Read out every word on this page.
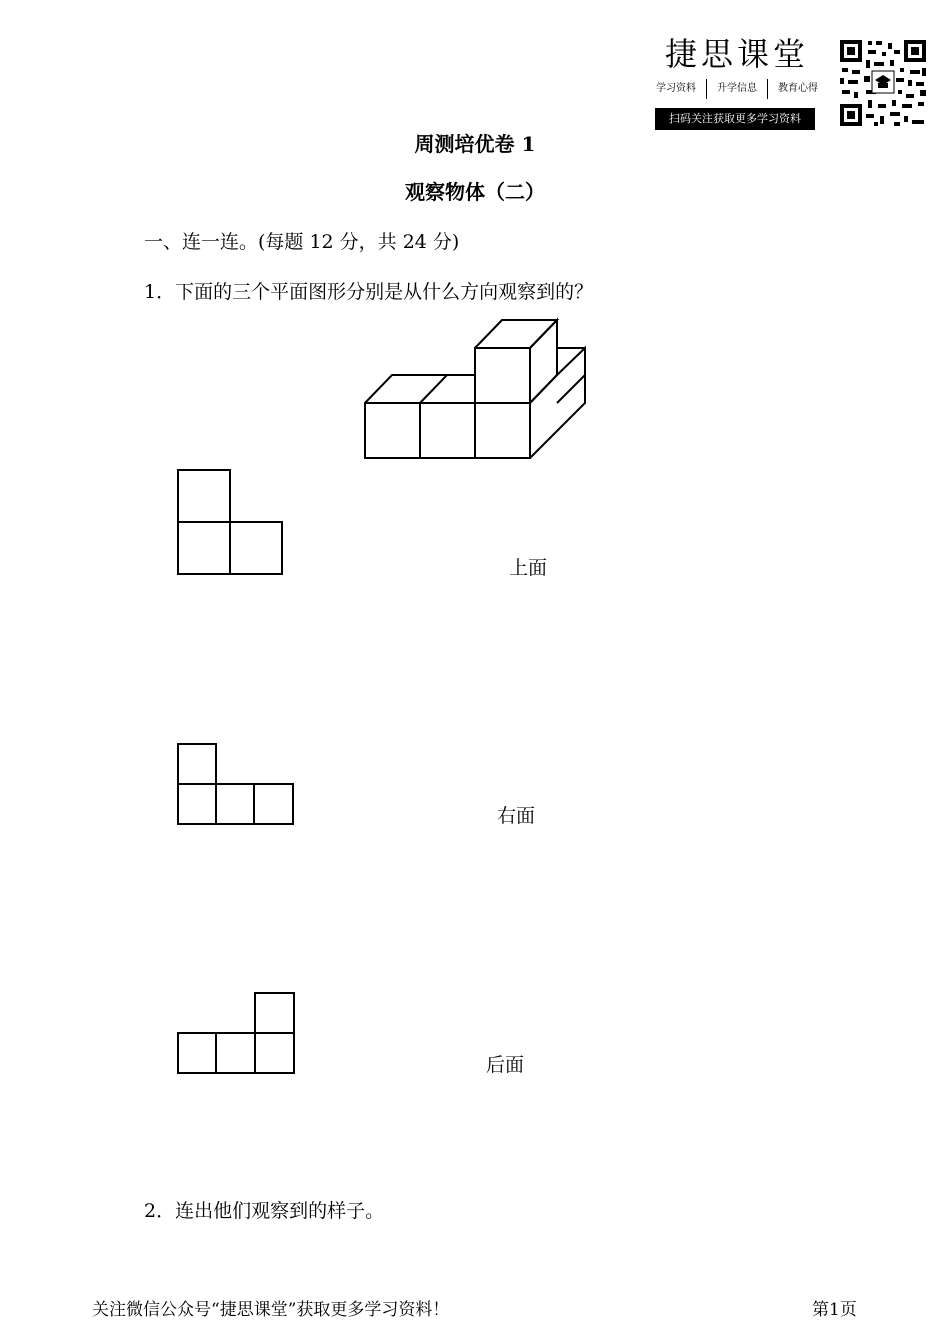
捷思课堂
学习资料	升学信息	教育心得
扫码关注获取更多学习资料
周测培优卷 1
观察物体（二）
一、连一连。(每题 12 分，共 24 分)
1．下面的三个平面图形分别是从什么方向观察到的？
上面
右面
后面
2．连出他们观察到的样子。
关注微信公众号“捷思课堂”获取更多学习资料！	第1页
